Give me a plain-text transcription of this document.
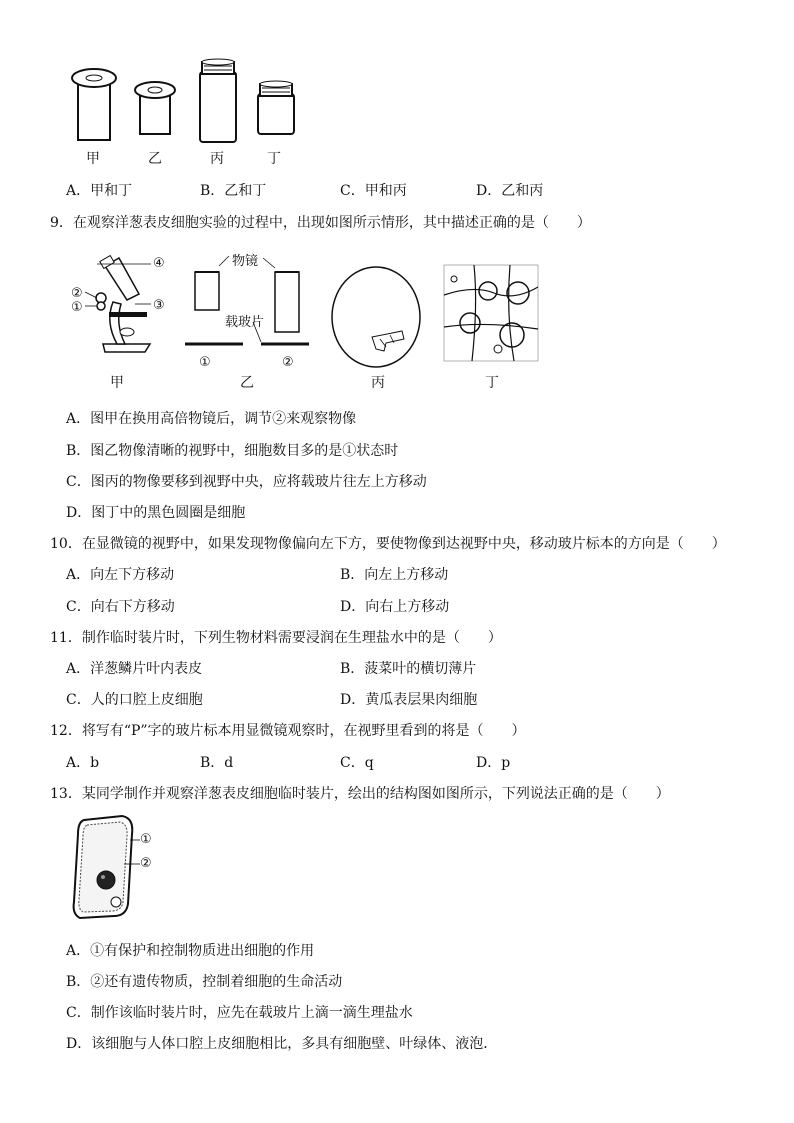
甲	乙	丙	丁
A．甲和丁	B．乙和丁	C．甲和丙	D．乙和丙
9．在观察洋葱表皮细胞实验的过程中，出现如图所示情形，其中描述正确的是（　　）
④
②
①	③
物镜
载玻片
①	②
甲	乙	丙	丁
A．图甲在换用高倍物镜后，调节②来观察物像
B．图乙物像清晰的视野中，细胞数目多的是①状态时
C．图丙的物像要移到视野中央，应将载玻片往左上方移动
D．图丁中的黑色圆圈是细胞
10．在显微镜的视野中，如果发现物像偏向左下方，要使物像到达视野中央，移动玻片标本的方向是（　　）
A．向左下方移动	B．向左上方移动
C．向右下方移动	D．向右上方移动
11．制作临时装片时，下列生物材料需要浸润在生理盐水中的是（　　）
A．洋葱鳞片叶内表皮	B．菠菜叶的横切薄片
C．人的口腔上皮细胞	D．黄瓜表层果肉细胞
12．将写有“P”字的玻片标本用显微镜观察时，在视野里看到的将是（　　）
A．b	B．d	C．q	D．p
13．某同学制作并观察洋葱表皮细胞临时装片，绘出的结构图如图所示，下列说法正确的是（　　）
①
②
A．①有保护和控制物质进出细胞的作用
B．②还有遗传物质，控制着细胞的生命活动
C．制作该临时装片时，应先在载玻片上滴一滴生理盐水
D．该细胞与人体口腔上皮细胞相比，多具有细胞壁、叶绿体、液泡．
